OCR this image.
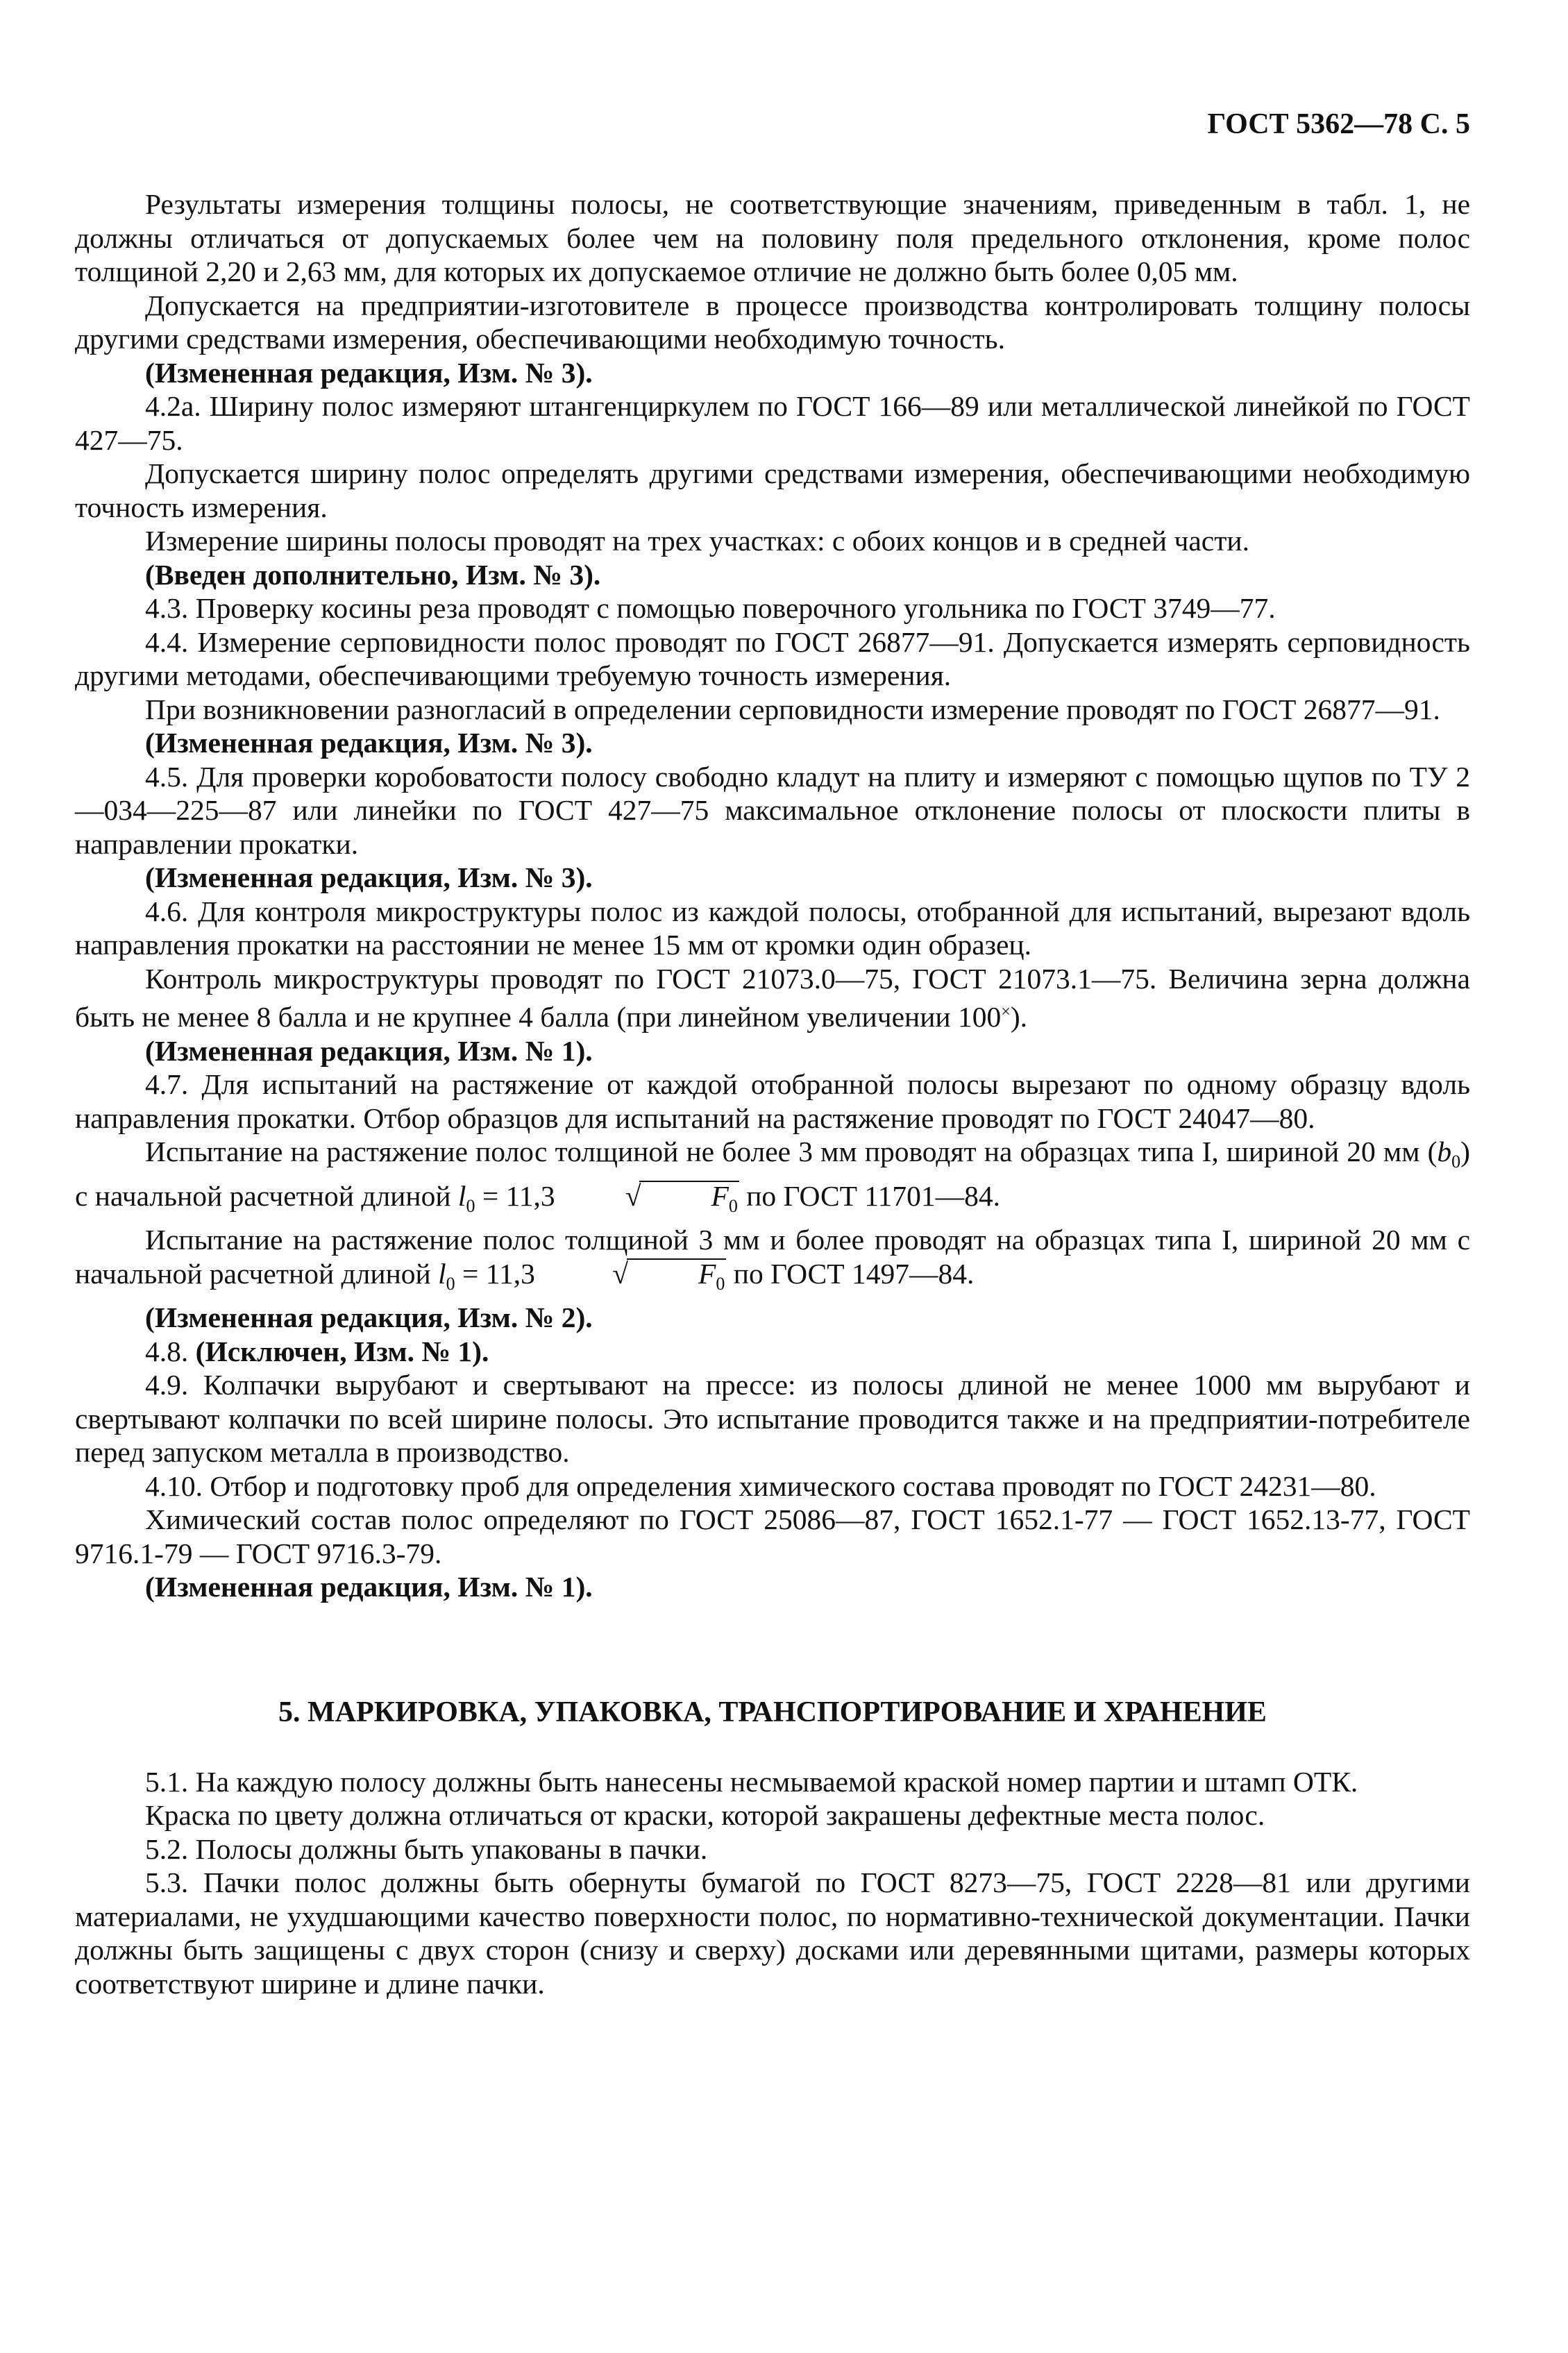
ГОСТ 5362—78 С. 5

Результаты измерения толщины полосы, не соответствующие значениям, приведенным в табл. 1, не должны отличаться от допускаемых более чем на половину поля предельного отклонения, кроме полос толщиной 2,20 и 2,63 мм, для которых их допускаемое отличие не должно быть более 0,05 мм.

Допускается на предприятии-изготовителе в процессе производства контролировать толщину полосы другими средствами измерения, обеспечивающими необходимую точность.

(Измененная редакция, Изм. № 3).

4.2а. Ширину полос измеряют штангенциркулем по ГОСТ 166—89 или металлической линейкой по ГОСТ 427—75.

Допускается ширину полос определять другими средствами измерения, обеспечивающими необходимую точность измерения.

Измерение ширины полосы проводят на трех участках: с обоих концов и в средней части.

(Введен дополнительно, Изм. № 3).

4.3. Проверку косины реза проводят с помощью поверочного угольника по ГОСТ 3749—77.

4.4. Измерение серповидности полос проводят по ГОСТ 26877—91. Допускается измерять серповидность другими методами, обеспечивающими требуемую точность измерения.

При возникновении разногласий в определении серповидности измерение проводят по ГОСТ 26877—91.

(Измененная редакция, Изм. № 3).

4.5. Для проверки коробоватости полосу свободно кладут на плиту и измеряют с помощью щупов по ТУ 2—034—225—87 или линейки по ГОСТ 427—75 максимальное отклонение полосы от плоскости плиты в направлении прокатки.

(Измененная редакция, Изм. № 3).

4.6. Для контроля микроструктуры полос из каждой полосы, отобранной для испытаний, вырезают вдоль направления прокатки на расстоянии не менее 15 мм от кромки один образец.

Контроль микроструктуры проводят по ГОСТ 21073.0—75, ГОСТ 21073.1—75. Величина зерна должна быть не менее 8 балла и не крупнее 4 балла (при линейном увеличении 100×).

(Измененная редакция, Изм. № 1).

4.7. Для испытаний на растяжение от каждой отобранной полосы вырезают по одному образцу вдоль направления прокатки. Отбор образцов для испытаний на растяжение проводят по ГОСТ 24047—80.

Испытание на растяжение полос толщиной не более 3 мм проводят на образцах типа I, шириной 20 мм $(b_0)$ с начальной расчетной длиной $l_0 = 11,3$ √ $F_0$ по ГОСТ 11701—84.

Испытание на растяжение полос толщиной 3 мм и более проводят на образцах типа I, шириной 20 мм с начальной расчетной длиной $l_0 = 11,3$ √ $F_0$ по ГОСТ 1497—84.

(Измененная редакция, Изм. № 2).

4.8. (Исключен, Изм. № 1).

4.9. Колпачки вырубают и свертывают на прессе: из полосы длиной не менее 1000 мм вырубают и свертывают колпачки по всей ширине полосы. Это испытание проводится также и на предприятии-потребителе перед запуском металла в производство.

4.10. Отбор и подготовку проб для определения химического состава проводят по ГОСТ 24231—80.

Химический состав полос определяют по ГОСТ 25086—87, ГОСТ 1652.1-77 — ГОСТ 1652.13-77, ГОСТ 9716.1-79 — ГОСТ 9716.3-79.

(Измененная редакция, Изм. № 1).

5. МАРКИРОВКА, УПАКОВКА, ТРАНСПОРТИРОВАНИЕ И ХРАНЕНИЕ

5.1. На каждую полосу должны быть нанесены несмываемой краской номер партии и штамп ОТК.

Краска по цвету должна отличаться от краски, которой закрашены дефектные места полос.

5.2. Полосы должны быть упакованы в пачки.

5.3. Пачки полос должны быть обернуты бумагой по ГОСТ 8273—75, ГОСТ 2228—81 или другими материалами, не ухудшающими качество поверхности полос, по нормативно-технической документации. Пачки должны быть защищены с двух сторон (снизу и сверху) досками или деревянными щитами, размеры которых соответствуют ширине и длине пачки.
